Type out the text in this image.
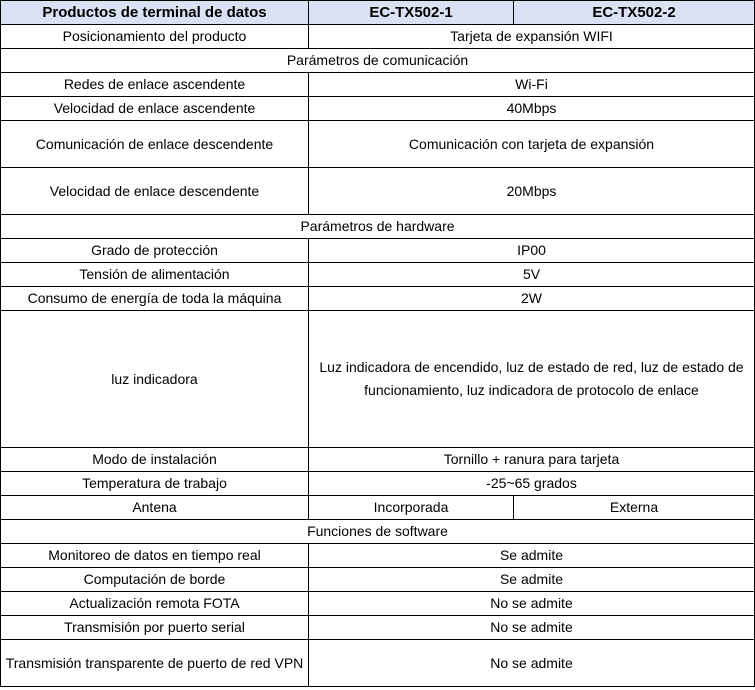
Productos de terminal de datos	EC-TX502-1	EC-TX502-2
Posicionamiento del producto	Tarjeta de expansión WIFI	
Parámetros de comunicación		
Redes de enlace ascendente	Wi-Fi	
Velocidad de enlace ascendente	40Mbps	
Comunicación de enlace descendente	Comunicación con tarjeta de expansión	
Velocidad de enlace descendente	20Mbps	
Parámetros de hardware		
Grado de protección	IP00	
Tensión de alimentación	5V	
Consumo de energía de toda la máquina	2W	
luz indicadora	Luz indicadora de encendido, luz de estado de red, luz de estado de funcionamiento, luz indicadora de protocolo de enlace	
Modo de instalación	Tornillo + ranura para tarjeta	
Temperatura de trabajo	-25~65 grados	
Antena	Incorporada	Externa
Funciones de software		
Monitoreo de datos en tiempo real	Se admite	
Computación de borde	Se admite	
Actualización remota FOTA	No se admite	
Transmisión por puerto serial	No se admite	
Transmisión transparente de puerto de red VPN	No se admite	
